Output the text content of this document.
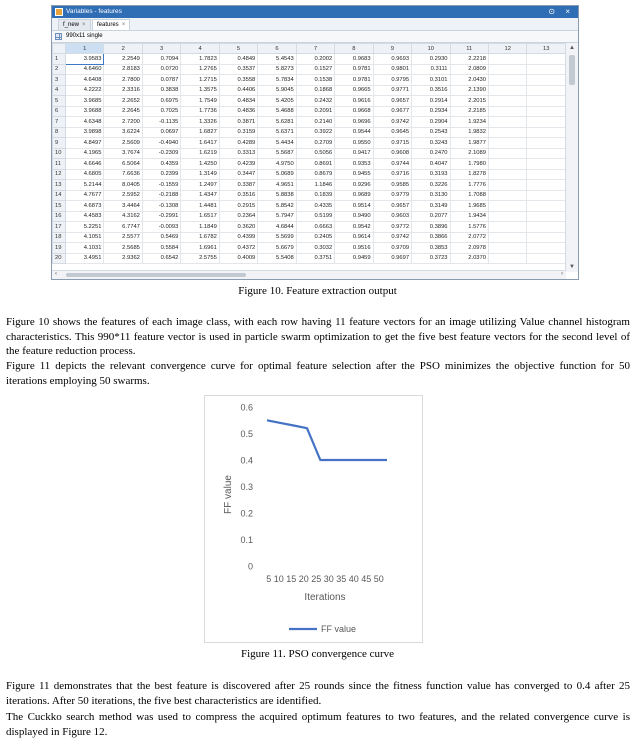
Variables - features	⊙ ×
f_new ×	features ×
990x11 single
	1	2	3	4	5	6	7	8	9	10	11	12	13
1	3.9583	2.2549	0.7094	1.7823	0.4849	5.4543	0.2002	0.9683	0.9693	0.2930	2.2218		
2	4.6460	2.8183	0.0720	1.2765	0.3537	5.8273	0.1527	0.9781	0.9801	0.3111	2.0809		
3	4.6408	2.7800	0.0787	1.2715	0.3558	5.7834	0.1538	0.9781	0.9795	0.3101	2.0430		
4	4.2222	2.3316	0.3838	1.3575	0.4406	5.9045	0.1868	0.9665	0.9771	0.3516	2.1390		
5	3.9685	2.2652	0.6975	1.7549	0.4834	5.4205	0.2432	0.9616	0.9657	0.2914	2.2015		
6	3.9688	2.2645	0.7025	1.7736	0.4836	5.4688	0.2091	0.9668	0.9677	0.2934	2.2185		
7	4.6348	2.7200	-0.1135	1.3326	0.3871	5.6281	0.2140	0.9696	0.9742	0.2904	1.9234		
8	3.9898	3.6224	0.0697	1.6827	0.3159	5.6371	0.3922	0.9544	0.9645	0.2543	1.9832		
9	4.8497	2.5609	-0.4940	1.6417	0.4289	5.4434	0.2709	0.9550	0.9715	0.3243	1.9877		
10	4.1965	3.7674	-0.2309	1.6219	0.3313	5.5687	0.5056	0.9417	0.9608	0.2470	2.1089		
11	4.6646	6.5064	0.4359	1.4250	0.4239	4.9750	0.8691	0.9353	0.9744	0.4047	1.7980		
12	4.6805	7.6636	0.2399	1.3149	0.3447	5.0689	0.8679	0.9455	0.9716	0.3193	1.8278		
13	5.2144	8.0405	-0.1559	1.2497	0.3387	4.9651	1.1846	0.9296	0.9585	0.3226	1.7776		
14	4.7677	2.5952	-0.2188	1.4347	0.3516	5.8838	0.1839	0.9689	0.9779	0.3130	1.7088		
15	4.6873	3.4464	-0.1308	1.4481	0.2915	5.8542	0.4335	0.9514	0.9657	0.3149	1.9685		
16	4.4583	4.3162	-0.2991	1.6517	0.2364	5.7947	0.5199	0.9490	0.9603	0.2077	1.9434		
17	5.2251	6.7747	-0.0093	1.1849	0.3620	4.6844	0.6663	0.9542	0.9772	0.3896	1.5776		
18	4.1051	2.5577	0.5469	1.6782	0.4399	5.5699	0.2405	0.9614	0.9742	0.3866	2.0772		
19	4.1031	2.5685	0.5584	1.6961	0.4372	5.6679	0.3032	0.9516	0.9709	0.3853	2.0978		
20	3.4951	2.9362	0.6542	2.5755	0.4009	5.5408	0.3751	0.9459	0.9697	0.3723	2.0370		
▲
▼
‹	›
Figure 10. Feature extraction output

Figure 10 shows the features of each image class, with each row having 11 feature vectors for an image utilizing Value channel histogram characteristics. This 990*11 feature vector is used in particle swarm optimization to get the five best feature vectors for the second level of the feature reduction process.

Figure 11 depicts the relevant convergence curve for optimal feature selection after the PSO minimizes the objective function for 50 iterations employing 50 swarms.

0
0.1
0.2
0.3
0.4
0.5
0.6
5 10 15 20 25 30 35 40 45 50
Iterations
FF value
FF value
Figure 11. PSO convergence curve

Figure 11 demonstrates that the best feature is discovered after 25 rounds since the fitness function value has converged to 0.4 after 25 iterations. After 50 iterations, the five best characteristics are identified.

The Cuckko search method was used to compress the acquired optimum features to two features, and the related convergence curve is displayed in Figure 12.
